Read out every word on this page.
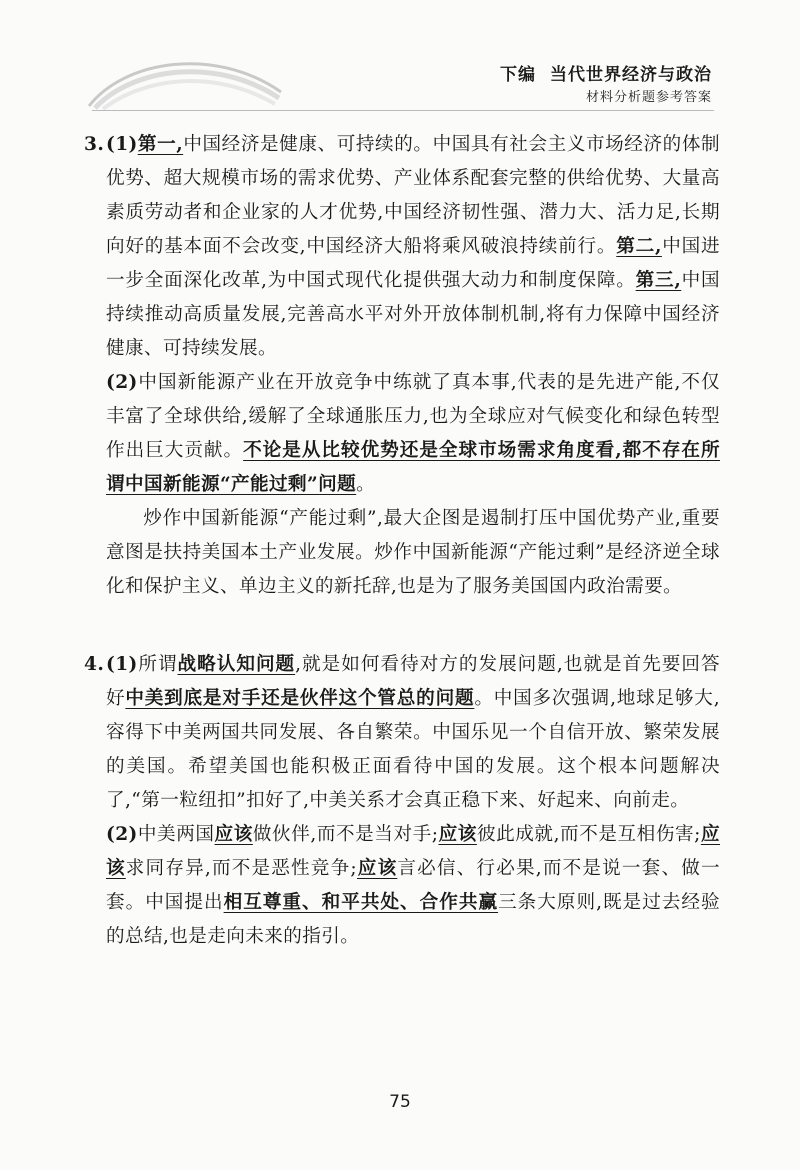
下编 当代世界经济与政治
材料分析题参考答案

3.(1)第一,中国经济是健康、可持续的。中国具有社会主义市场经济的体制优势、超大规模市场的需求优势、产业体系配套完整的供给优势、大量高素质劳动者和企业家的人才优势,中国经济韧性强、潜力大、活力足,长期向好的基本面不会改变,中国经济大船将乘风破浪持续前行。第二,中国进一步全面深化改革,为中国式现代化提供强大动力和制度保障。第三,中国持续推动高质量发展,完善高水平对外开放体制机制,将有力保障中国经济健康、可持续发展。

(2)中国新能源产业在开放竞争中练就了真本事,代表的是先进产能,不仅丰富了全球供给,缓解了全球通胀压力,也为全球应对气候变化和绿色转型作出巨大贡献。不论是从比较优势还是全球市场需求角度看,都不存在所谓中国新能源“产能过剩”问题。

炒作中国新能源“产能过剩”,最大企图是遏制打压中国优势产业,重要意图是扶持美国本土产业发展。炒作中国新能源“产能过剩”是经济逆全球化和保护主义、单边主义的新托辞,也是为了服务美国国内政治需要。

4.(1)所谓战略认知问题,就是如何看待对方的发展问题,也就是首先要回答好中美到底是对手还是伙伴这个管总的问题。中国多次强调,地球足够大,容得下中美两国共同发展、各自繁荣。中国乐见一个自信开放、繁荣发展的美国。希望美国也能积极正面看待中国的发展。这个根本问题解决了,“第一粒纽扣”扣好了,中美关系才会真正稳下来、好起来、向前走。

(2)中美两国应该做伙伴,而不是当对手;应该彼此成就,而不是互相伤害;应该求同存异,而不是恶性竞争;应该言必信、行必果,而不是说一套、做一套。中国提出相互尊重、和平共处、合作共赢三条大原则,既是过去经验的总结,也是走向未来的指引。

75
